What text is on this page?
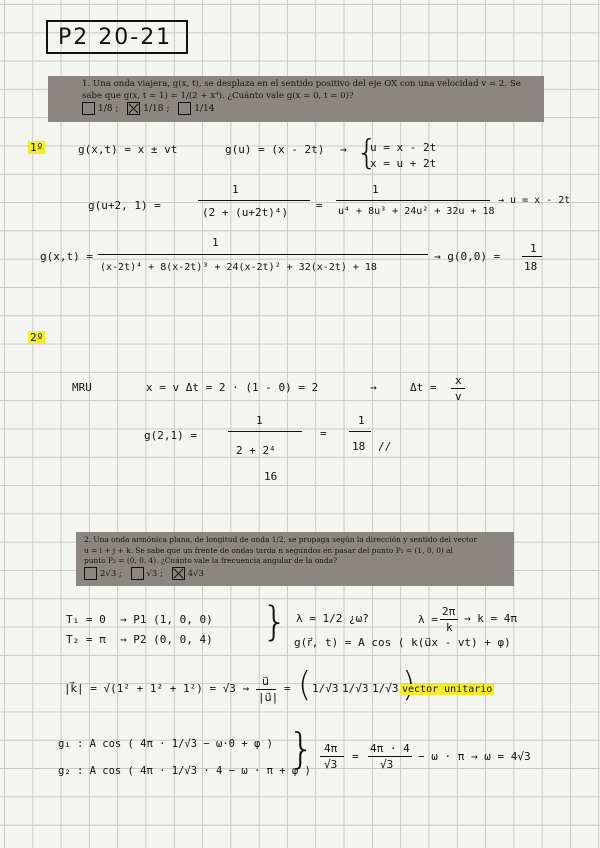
P2 20-21
1. Una onda viajera, g(x, t), se desplaza en el sentido positivo del eje OX con una velocidad v = 2. Se
sabe que g(x, t = 1) = 1/(2 + x⁴). ¿Cuánto vale g(x = 0, t = 0)?
1/8 ; 1/18 ; 1/14
1º	g(x,t) = x ± vt	g(u) = (x - 2t) → {
u = x - 2t
x = u + 2t
g(u+2, 1) =
1
(2 + (u+2t)⁴)
=
1
u⁴ + 8u³ + 24u² + 32u + 18
→ u = x - 2t
g(x,t) =
1
(x-2t)⁴ + 8(x-2t)³ + 24(x-2t)² + 32(x-2t) + 18
→ g(0,0) =
1
18
2º
MRU	x = v Δt = 2 · (1 - 0) = 2	→	Δt =
x
v
g(2,1) =
1
2 + 2⁴
=
1
18 //
16
2. Una onda armónica plana, de longitud de onda 1/2, se propaga según la dirección y sentido del vector
u = i + j + k. Se sabe que un frente de ondas tarda π segundos en pasar del punto P₁ = (1, 0, 0) al
punto P₂ = (0, 0, 4). ¿Cuánto vale la frecuencia angular de la onda?
2√3 ;	√3 ;	4√3
T₁ = 0 → P1 (1, 0, 0)
T₂ = π → P2 (0, 0, 4) } λ = 1/2 ¿ω?	λ =
2π
k
→ k = 4π
g(r⃗, t) = A cos ( k(u⃗x - vt) + φ)
|k⃗| = √(1² + 1² + 1²) = √3 →
u⃗
|u⃗|
= ( 1/√3 1/√3 1/√3 vector unitario
g₁ : A cos ( 4π · 1/√3 − ω·0 + φ )
g₂ : A cos ( 4π · 1/√3 · 4 − ω · π + φ )
} 4π
√3
=
4π · 4
√3
− ω · π → ω = 4√3
